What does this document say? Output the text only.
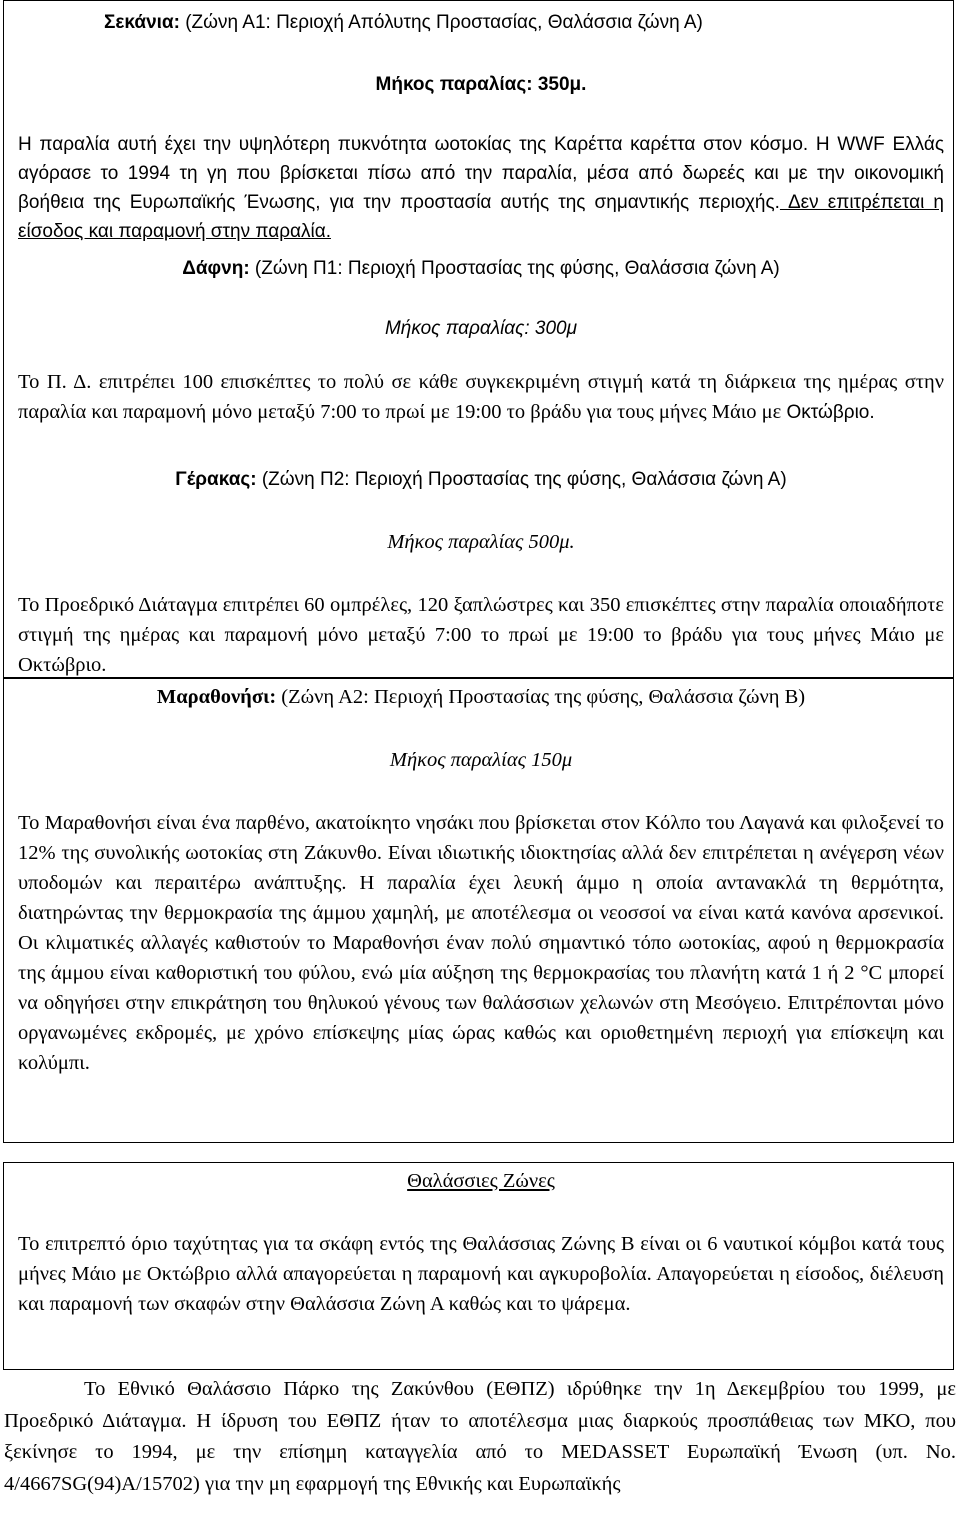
Σεκάνια: (Ζώνη Α1: Περιοχή Απόλυτης Προστασίας, Θαλάσσια ζώνη Α)

Μήκος παραλίας: 350μ.

Η παραλία αυτή έχει την υψηλότερη πυκνότητα ωοτοκίας της Καρέττα καρέττα στον κόσμο. Η WWF Ελλάς αγόρασε το 1994 τη γη που βρίσκεται πίσω από την παραλία, μέσα από δωρεές και με την οικονομική βοήθεια της Ευρωπαϊκής Ένωσης, για την προστασία αυτής της σημαντικής περιοχής. Δεν επιτρέπεται η είσοδος και παραμονή στην παραλία.

Δάφνη: (Ζώνη Π1: Περιοχή Προστασίας της φύσης, Θαλάσσια ζώνη Α)

Μήκος παραλίας: 300μ

Το Π. Δ. επιτρέπει 100 επισκέπτες το πολύ σε κάθε συγκεκριμένη στιγμή κατά τη διάρκεια της ημέρας στην παραλία και παραμονή μόνο μεταξύ 7:00 το πρωί με 19:00 το βράδυ για τους μήνες Μάιο με Οκτώβριο.

Γέρακας: (Ζώνη Π2: Περιοχή Προστασίας της φύσης, Θαλάσσια ζώνη Α)

Μήκος παραλίας 500μ.

Το Προεδρικό Διάταγμα επιτρέπει 60 ομπρέλες, 120 ξαπλώστρες και 350 επισκέπτες στην παραλία οποιαδήποτε στιγμή της ημέρας και παραμονή μόνο μεταξύ 7:00 το πρωί με 19:00 το βράδυ για τους μήνες Μάιο με Οκτώβριο.

Μαραθονήσι: (Ζώνη Α2: Περιοχή Προστασίας της φύσης, Θαλάσσια ζώνη Β)

Μήκος παραλίας 150μ

Το Μαραθονήσι είναι ένα παρθένο, ακατοίκητο νησάκι που βρίσκεται στον Κόλπο του Λαγανά και φιλοξενεί το 12% της συνολικής ωοτοκίας στη Ζάκυνθο. Είναι ιδιωτικής ιδιοκτησίας αλλά δεν επιτρέπεται η ανέγερση νέων υποδομών και περαιτέρω ανάπτυξης. Η παραλία έχει λευκή άμμο η οποία αντανακλά τη θερμότητα, διατηρώντας την θερμοκρασία της άμμου χαμηλή, με αποτέλεσμα οι νεοσσοί να είναι κατά κανόνα αρσενικοί. Οι κλιματικές αλλαγές καθιστούν το Μαραθονήσι έναν πολύ σημαντικό τόπο ωοτοκίας, αφού η θερμοκρασία της άμμου είναι καθοριστική του φύλου, ενώ μία αύξηση της θερμοκρασίας του πλανήτη κατά 1 ή 2 °C μπορεί να οδηγήσει στην επικράτηση του θηλυκού γένους των θαλάσσιων χελωνών στη Μεσόγειο. Επιτρέπονται μόνο οργανωμένες εκδρομές, με χρόνο επίσκεψης μίας ώρας καθώς και οριοθετημένη περιοχή για επίσκεψη και κολύμπι.

Θαλάσσιες Ζώνες

Το επιτρεπτό όριο ταχύτητας για τα σκάφη εντός της Θαλάσσιας Ζώνης Β είναι οι 6 ναυτικοί κόμβοι κατά τους μήνες Μάιο με Οκτώβριο αλλά απαγορεύεται η παραμονή και αγκυροβολία. Απαγορεύεται η είσοδος, διέλευση και παραμονή των σκαφών στην Θαλάσσια Ζώνη Α καθώς και το ψάρεμα.

Το Εθνικό Θαλάσσιο Πάρκο της Ζακύνθου (ΕΘΠΖ) ιδρύθηκε την 1η Δεκεμβρίου του 1999, με Προεδρικό Διάταγμα. Η ίδρυση του ΕΘΠΖ ήταν το αποτέλεσμα μιας διαρκούς προσπάθειας των ΜΚΟ, που ξεκίνησε το 1994, με την επίσημη καταγγελία από το MEDASSET Ευρωπαϊκή Ένωση (υπ. No. 4/4667SG(94)A/15702) για την μη εφαρμογή της Εθνικής και Ευρωπαϊκής
